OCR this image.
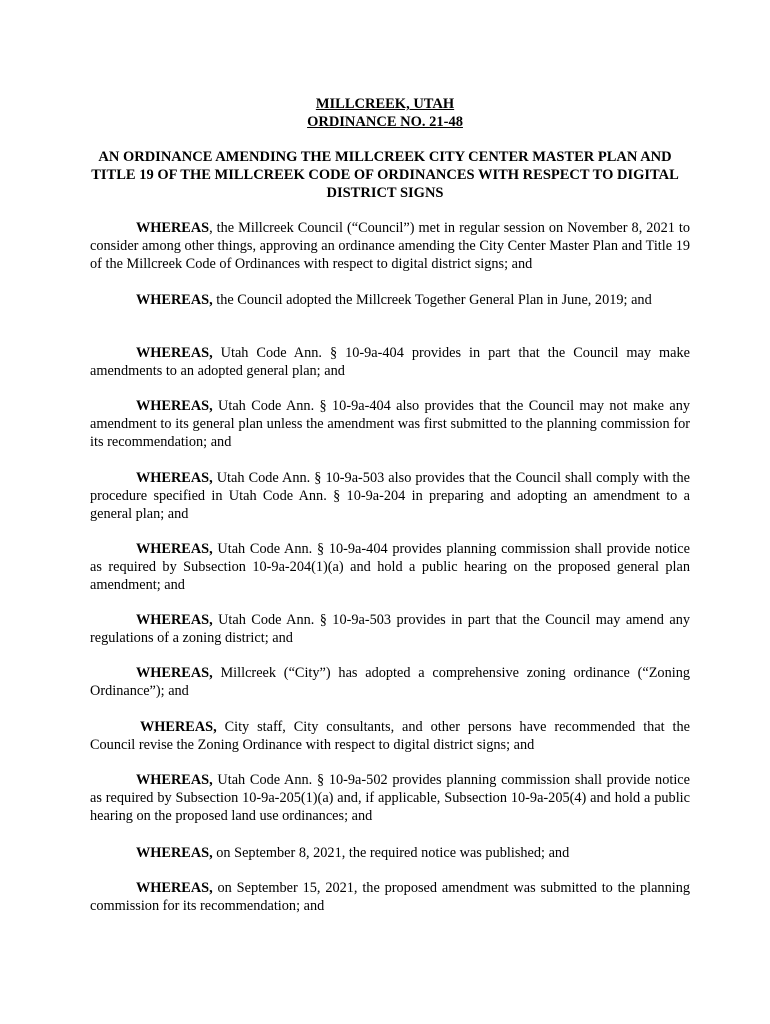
MILLCREEK, UTAH
ORDINANCE NO. 21-48
AN ORDINANCE AMENDING THE MILLCREEK CITY CENTER MASTER PLAN AND TITLE 19 OF THE MILLCREEK CODE OF ORDINANCES WITH RESPECT TO DIGITAL DISTRICT SIGNS
WHEREAS, the Millcreek Council (“Council”) met in regular session on November 8, 2021 to consider among other things, approving an ordinance amending the City Center Master Plan and Title 19 of the Millcreek Code of Ordinances with respect to digital district signs; and
WHEREAS, the Council adopted the Millcreek Together General Plan in June, 2019; and
WHEREAS, Utah Code Ann. § 10-9a-404 provides in part that the Council may make amendments to an adopted general plan; and
WHEREAS, Utah Code Ann. § 10-9a-404 also provides that the Council may not make any amendment to its general plan unless the amendment was first submitted to the planning commission for its recommendation; and
WHEREAS, Utah Code Ann. § 10-9a-503 also provides that the Council shall comply with the procedure specified in Utah Code Ann. § 10-9a-204 in preparing and adopting an amendment to a general plan; and
WHEREAS, Utah Code Ann. § 10-9a-404 provides planning commission shall provide notice as required by Subsection 10-9a-204(1)(a) and hold a public hearing on the proposed general plan amendment; and
WHEREAS, Utah Code Ann. § 10-9a-503 provides in part that the Council may amend any regulations of a zoning district; and
WHEREAS, Millcreek (“City”) has adopted a comprehensive zoning ordinance (“Zoning Ordinance”); and
WHEREAS, City staff, City consultants, and other persons have recommended that the Council revise the Zoning Ordinance with respect to digital district signs; and
WHEREAS, Utah Code Ann. § 10-9a-502 provides planning commission shall provide notice as required by Subsection 10-9a-205(1)(a) and, if applicable, Subsection 10-9a-205(4) and hold a public hearing on the proposed land use ordinances; and
WHEREAS, on September 8, 2021, the required notice was published; and
WHEREAS, on September 15, 2021, the proposed amendment was submitted to the planning commission for its recommendation; and
